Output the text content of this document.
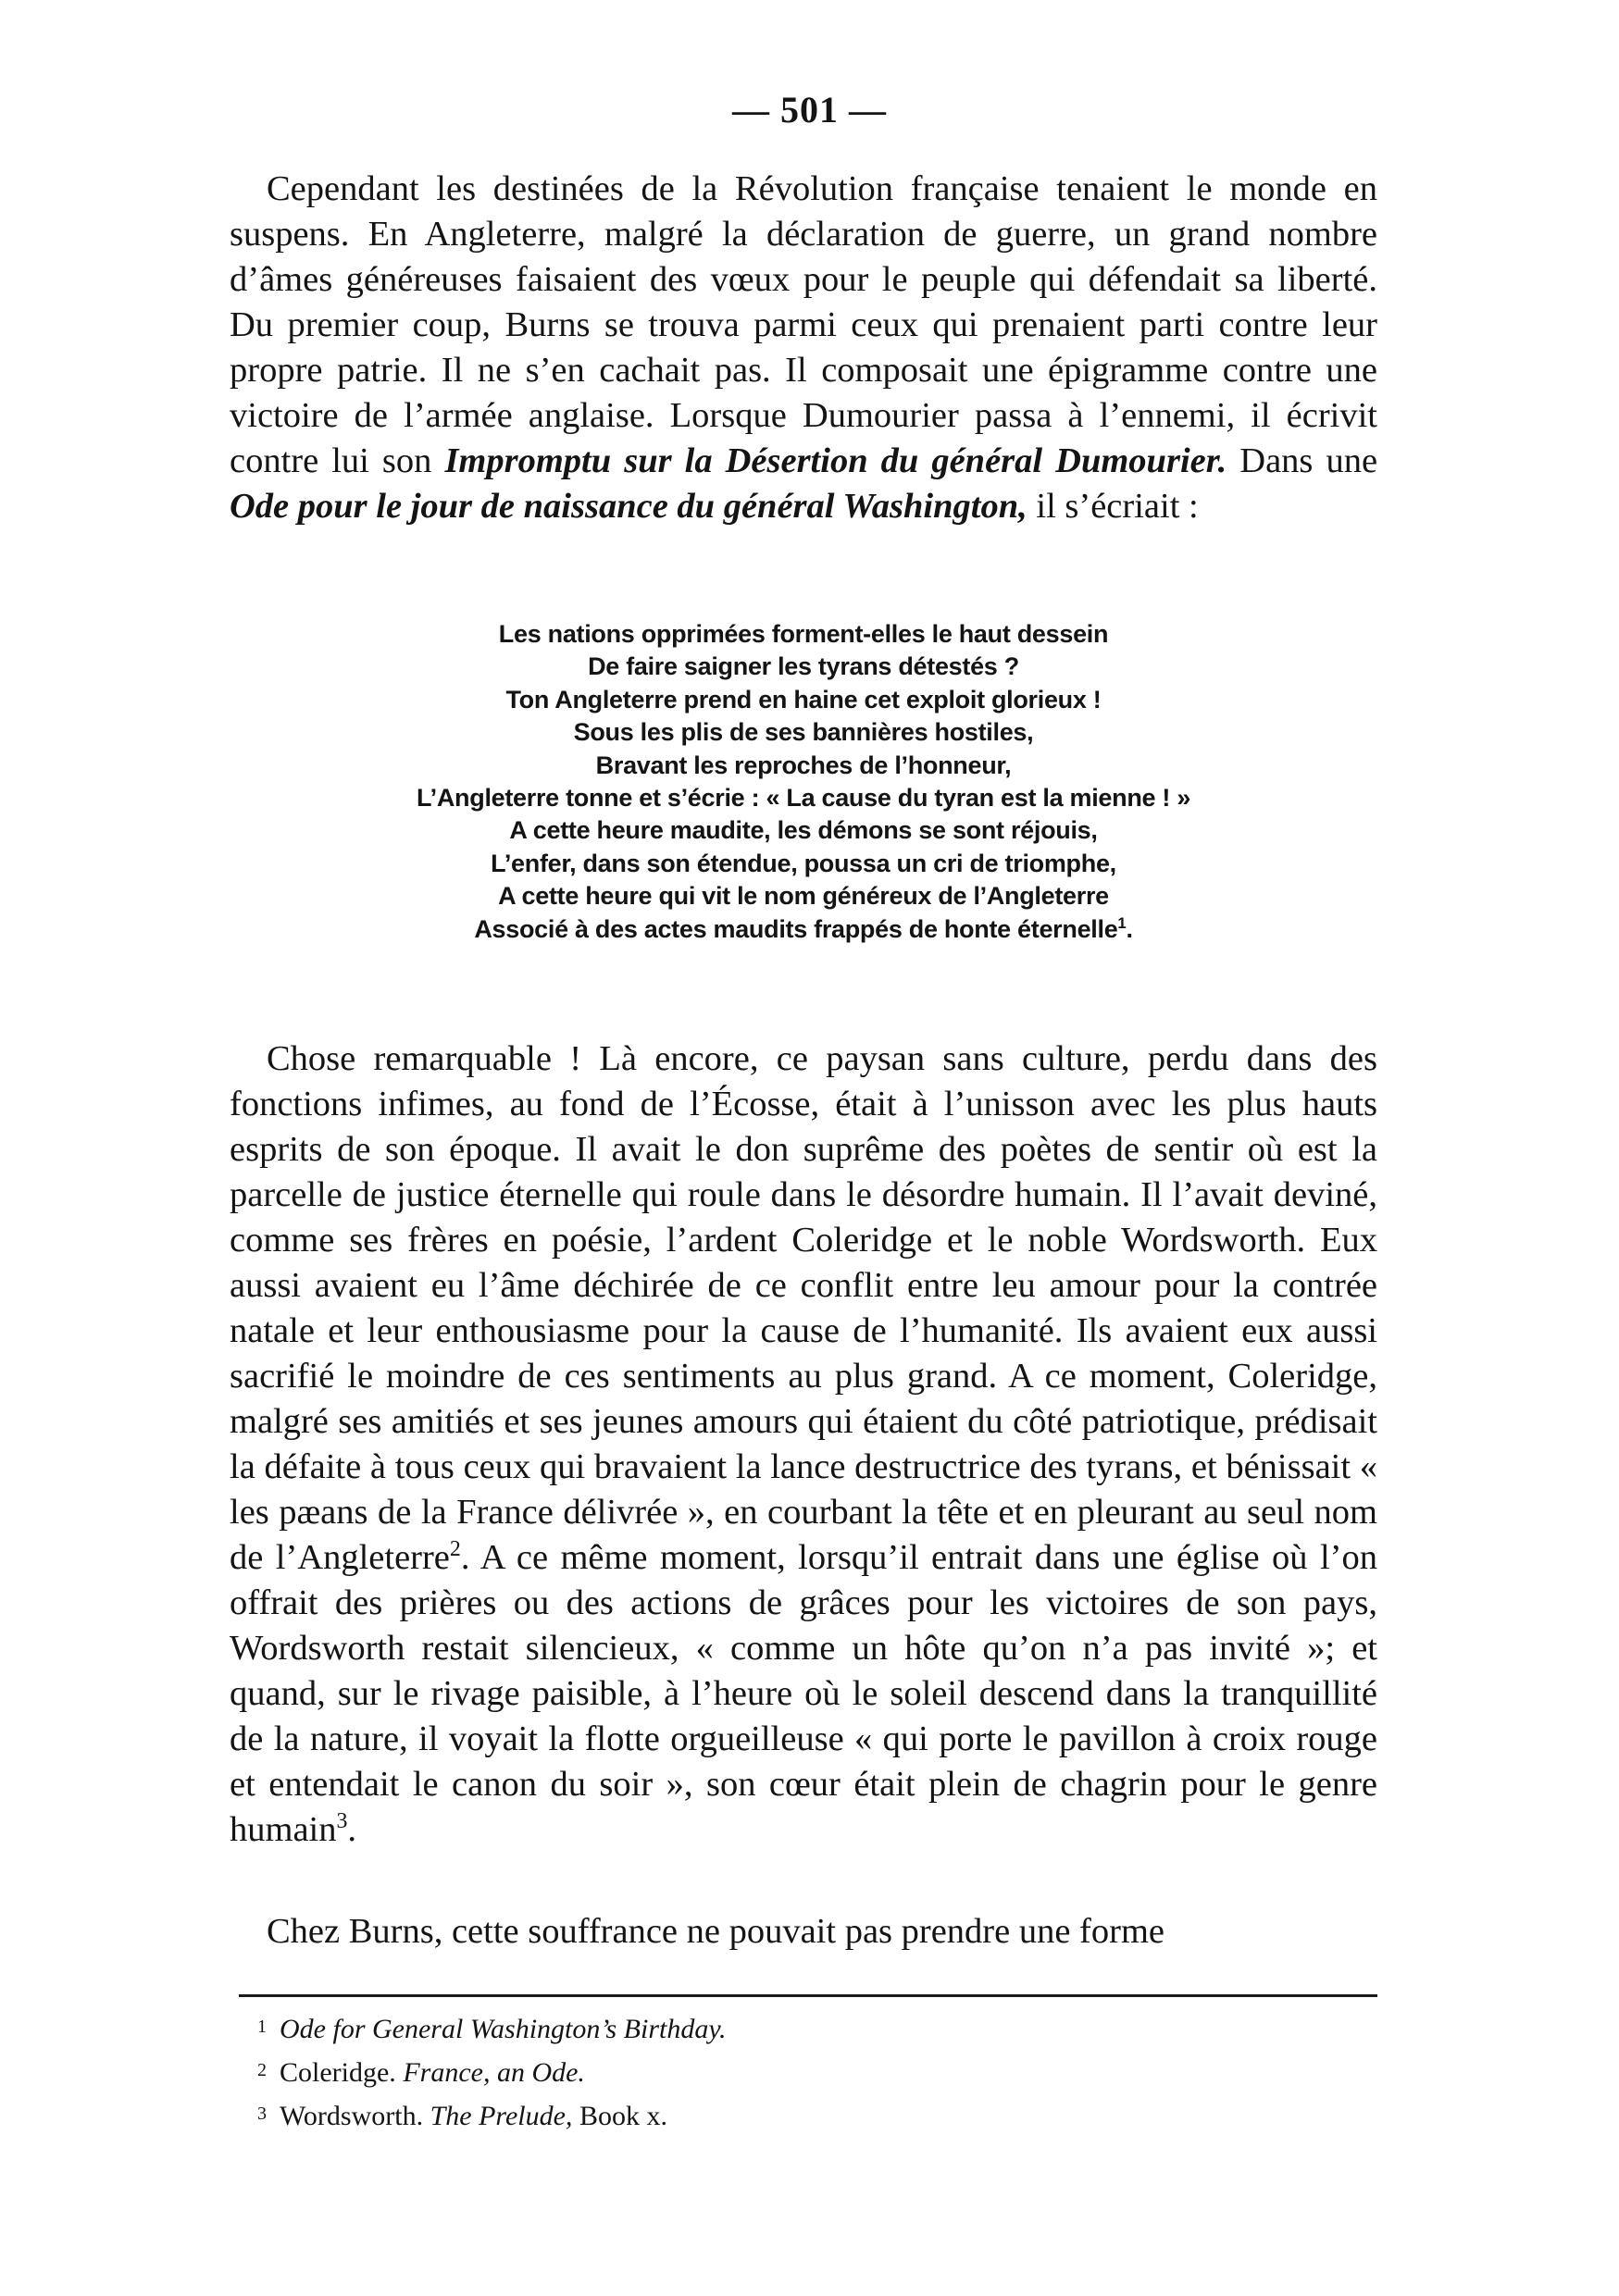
— 501 —

Cependant les destinées de la Révolution française tenaient le monde en suspens. En Angleterre, malgré la déclaration de guerre, un grand nombre d’âmes généreuses faisaient des vœux pour le peuple qui défendait sa liberté. Du premier coup, Burns se trouva parmi ceux qui prenaient parti contre leur propre patrie. Il ne s’en cachait pas. Il composait une épigramme contre une victoire de l’armée anglaise. Lorsque Dumourier passa à l’ennemi, il écrivit contre lui son Impromptu sur la Désertion du général Dumourier. Dans une Ode pour le jour de naissance du général Washington, il s’écriait :

Les nations opprimées forment-elles le haut dessein
De faire saigner les tyrans détestés ?
Ton Angleterre prend en haine cet exploit glorieux !
Sous les plis de ses bannières hostiles,
Bravant les reproches de l’honneur,
L’Angleterre tonne et s’écrie : « La cause du tyran est la mienne ! »
A cette heure maudite, les démons se sont réjouis,
L’enfer, dans son étendue, poussa un cri de triomphe,
A cette heure qui vit le nom généreux de l’Angleterre
Associé à des actes maudits frappés de honte éternelle$^1$.

Chose remarquable ! Là encore, ce paysan sans culture, perdu dans des fonctions infimes, au fond de l’Écosse, était à l’unisson avec les plus hauts esprits de son époque. Il avait le don suprême des poètes de sentir où est la parcelle de justice éternelle qui roule dans le désordre humain. Il l’avait deviné, comme ses frères en poésie, l’ardent Coleridge et le noble Wordsworth. Eux aussi avaient eu l’âme déchirée de ce conflit entre leu amour pour la contrée natale et leur enthousiasme pour la cause de l’humanité. Ils avaient eux aussi sacrifié le moindre de ces sentiments au plus grand. A ce moment, Coleridge, malgré ses amitiés et ses jeunes amours qui étaient du côté patriotique, prédisait la défaite à tous ceux qui bravaient la lance destructrice des tyrans, et bénissait « les pæans de la France délivrée », en courbant la tête et en pleurant au seul nom de l’Angleterre$^2$. A ce même moment, lorsqu’il entrait dans une église où l’on offrait des prières ou des actions de grâces pour les victoires de son pays, Wordsworth restait silencieux, « comme un hôte qu’on n’a pas invité »; et quand, sur le rivage paisible, à l’heure où le soleil descend dans la tranquillité de la nature, il voyait la flotte orgueilleuse « qui porte le pavillon à croix rouge et entendait le canon du soir », son cœur était plein de chagrin pour le genre humain$^3$.

Chez Burns, cette souffrance ne pouvait pas prendre une forme

1 Ode for General Washington’s Birthday.
2 Coleridge. France, an Ode.
3 Wordsworth. The Prelude, Book x.
